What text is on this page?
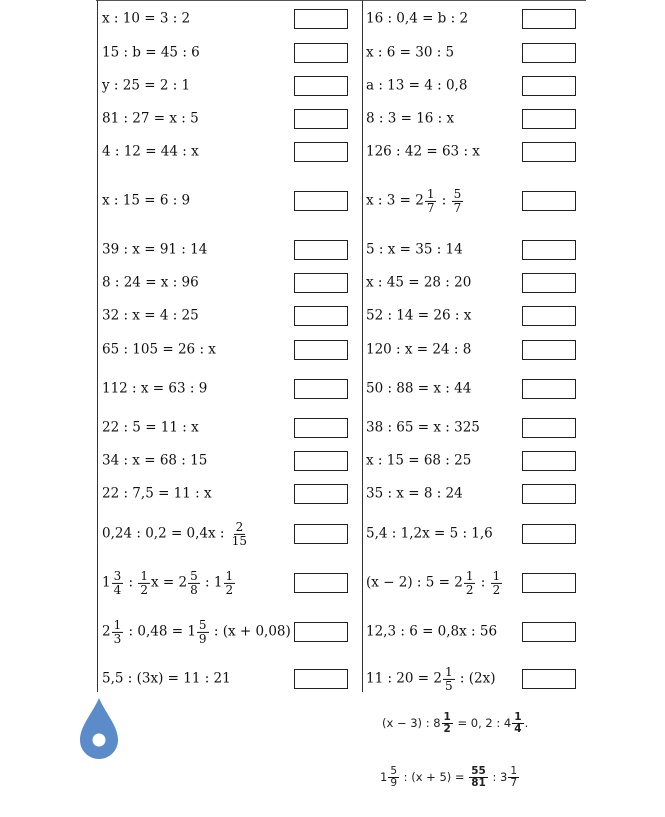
x : 10 = 3 : 2	16 : 0,4 = b : 2
15 : b = 45 : 6	x : 6 = 30 : 5
y : 25 = 2 : 1	a : 13 = 4 : 0,8
81 : 27 = x : 5	8 : 3 = 16 : x
4 : 12 = 44 : x	126 : 42 = 63 : x
x : 15 = 6 : 9	x : $3 = 2 \frac{1}{7}$ : $\frac{5}{7}$
39 : x = 91 : 14	5 : x = 35 : 14
8 : 24 = x : 96	x : 45 = 28 : 20
32 : x = 4 : 25	52 : 14 = 26 : x
65 : 105 = 26 : x	120 : x = 24 : 8
112 : x = 63 : 9	50 : 88 = x : 44
22 : 5 = 11 : x	38 : 65 = x : 325
34 : x = 68 : 15	x : 15 = 68 : 25
22 : 7,5 = 11 : x	35 : x = 8 : 24
0,24 : 0,2 = 0,4x : $\frac{2}{15}$	5,4 : 1,2x = 5 : 1,6
$1 \frac{3}{4}$ : $\frac{1}{2}$ $x = 2 \frac{5}{8}$ : $1 \frac{1}{2}$	(x − 2) : $5 = 2 \frac{1}{2}$ : $\frac{1}{2}$
$2 \frac{1}{3}$ : $0,48 = 1 \frac{5}{9}$ : (x + 0,08)	12,3 : 6 = 0,8x : 56
5,5 : (3x) = 11 : 21	11 : $20 = 2 \frac{1}{5}$ : (2x)
(x − 3) : $8 \frac{1}{2} = 0$, 2 : $4 \frac{1}{4}$ .
$1 \frac{5}{9}$ : $(x + 5) = \frac{55}{81}$ : $3 \frac{1}{7}$
